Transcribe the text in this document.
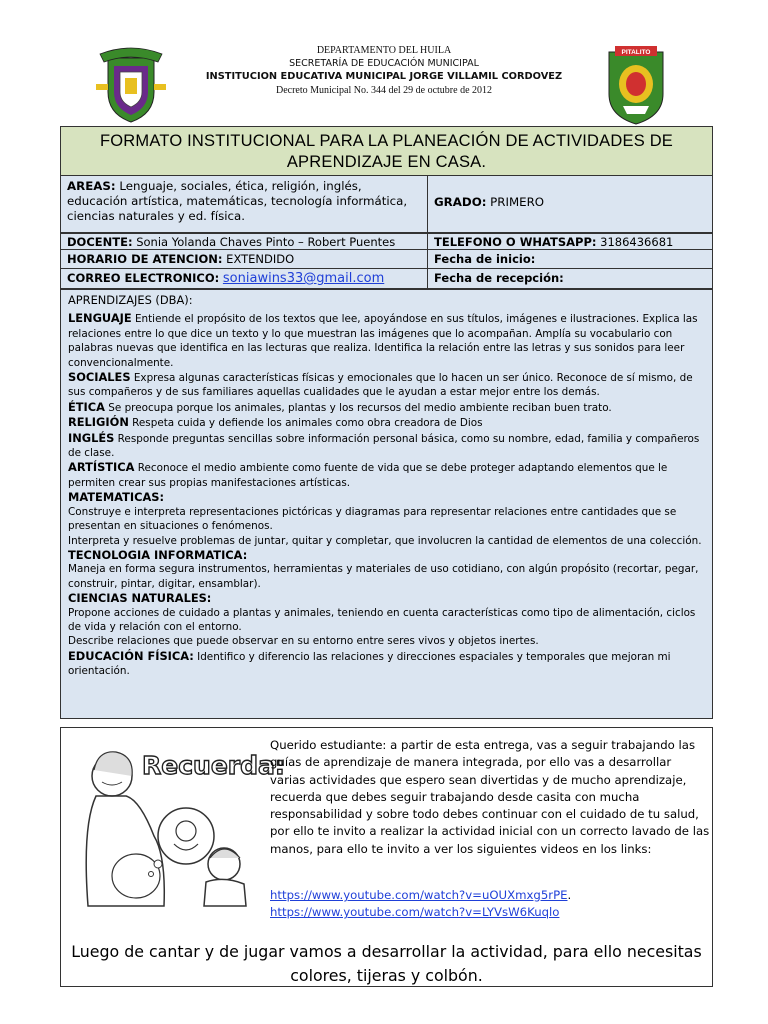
DEPARTAMENTO DEL HUILA
SECRETARÍA DE EDUCACIÓN MUNICIPAL
INSTITUCION EDUCATIVA MUNICIPAL JORGE VILLAMIL CORDOVEZ
Decreto Municipal No. 344 del 29 de octubre de 2012
PITALITO
FORMATO INSTITUCIONAL PARA LA PLANEACIÓN DE ACTIVIDADES DE
APRENDIZAJE EN CASA.
AREAS: Lenguaje, sociales, ética, religión, inglés, educación artística, matemáticas, tecnología informática, ciencias naturales y ed. física.
GRADO: PRIMERO
DOCENTE: Sonia Yolanda Chaves Pinto – Robert Puentes	TELEFONO O WHATSAPP: 3186436681
HORARIO DE ATENCION: EXTENDIDO	Fecha de inicio:
CORREO ELECTRONICO: soniawins33@gmail.com	Fecha de recepción:

APRENDIZAJES (DBA):

LENGUAJE Entiende el propósito de los textos que lee, apoyándose en sus títulos, imágenes e ilustraciones. Explica las relaciones entre lo que dice un texto y lo que muestran las imágenes que lo acompañan. Amplía su vocabulario con palabras nuevas que identifica en las lecturas que realiza. Identifica la relación entre las letras y sus sonidos para leer convencionalmente.

SOCIALES Expresa algunas características físicas y emocionales que lo hacen un ser único. Reconoce de sí mismo, de sus compañeros y de sus familiares aquellas cualidades que le ayudan a estar mejor entre los demás.

ÉTICA Se preocupa porque los animales, plantas y los recursos del medio ambiente reciban buen trato.

RELIGIÓN Respeta cuida y defiende los animales como obra creadora de Dios

INGLÉS Responde preguntas sencillas sobre información personal básica, como su nombre, edad, familia y compañeros de clase.

ARTÍSTICA Reconoce el medio ambiente como fuente de vida que se debe proteger adaptando elementos que le permiten crear sus propias manifestaciones artísticas.

MATEMATICAS:

Construye e interpreta representaciones pictóricas y diagramas para representar relaciones entre cantidades que se presentan en situaciones o fenómenos.

Interpreta y resuelve problemas de juntar, quitar y completar, que involucren la cantidad de elementos de una colección.

TECNOLOGIA INFORMATICA:

Maneja en forma segura instrumentos, herramientas y materiales de uso cotidiano, con algún propósito (recortar, pegar, construir, pintar, digitar, ensamblar).

CIENCIAS NATURALES:

Propone acciones de cuidado a plantas y animales, teniendo en cuenta características como tipo de alimentación, ciclos de vida y relación con el entorno.

Describe relaciones que puede observar en su entorno entre seres vivos y objetos inertes.

EDUCACIÓN FÍSICA: Identifico y diferencio las relaciones y direcciones espaciales y temporales que mejoran mi orientación.

Recuerda:
Querido estudiante: a partir de esta entrega, vas a seguir trabajando las guías de aprendizaje de manera integrada, por ello vas a desarrollar varias actividades que espero sean divertidas y de mucho aprendizaje, recuerda que debes seguir trabajando desde casita con mucha responsabilidad y sobre todo debes continuar con el cuidado de tu salud, por ello te invito a realizar la actividad inicial con un correcto lavado de las manos, para ello te invito a ver los siguientes videos en los links:
https://www.youtube.com/watch?v=uOUXmxg5rPE.
https://www.youtube.com/watch?v=LYVsW6Kuqlo
Luego de cantar y de jugar vamos a desarrollar la actividad, para ello necesitas colores, tijeras y colbón.
